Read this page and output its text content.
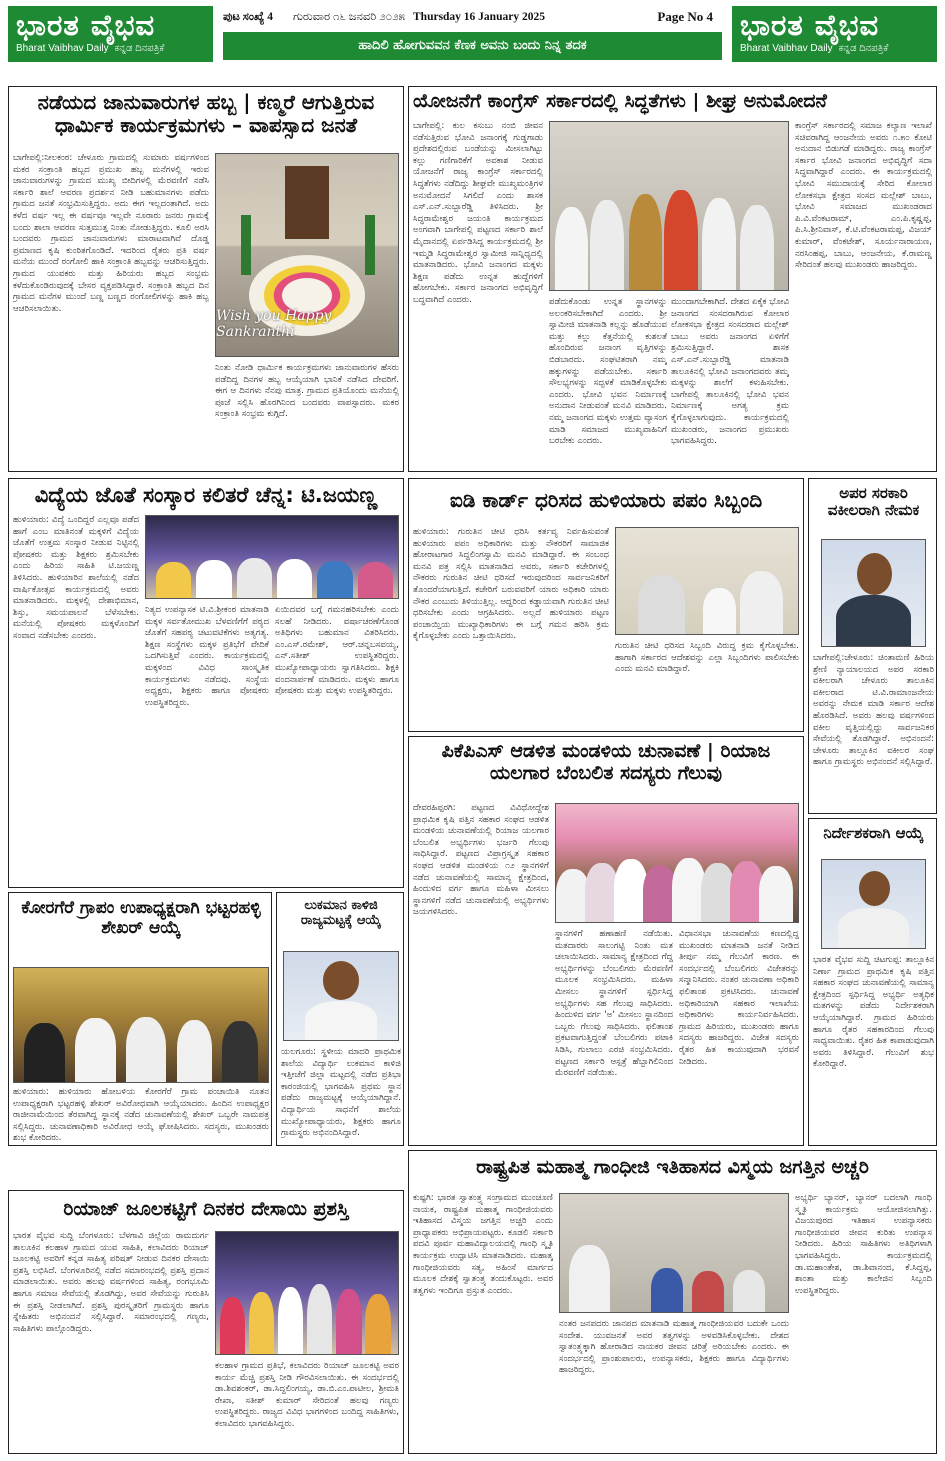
ಭಾರತ ವೈಭವ
Bharat Vaibhav Daily ಕನ್ನಡ ದಿನಪತ್ರಿಕೆ
ಪುಟ ಸಂಖ್ಯೆ 4	ಗುರುವಾರ ೧೬ ಜನವರಿ ೨೦೨೫ Thursday 16 January 2025	Page No 4
ಹಾದಿಲಿ ಹೋಗುವವನ ಕೆಣಕ ಅವನು ಬಂದು ನಿನ್ನ ತದಕ
ಭಾರತ ವೈಭವ
Bharat Vaibhav Daily ಕನ್ನಡ ದಿನಪತ್ರಿಕೆ
ನಡೆಯದ ಜಾನುವಾರುಗಳ ಹಬ್ಬ | ಕಣ್ಮರೆ ಆಗುತ್ತಿರುವ ಧಾರ್ಮಿಕ ಕಾರ್ಯಕ್ರಮಗಳು – ವಾಪಸ್ಸಾದ ಜನತೆ
ಬಾಗೇಪಲ್ಲಿ:ನೀಲಕಂಠ: ಚೇಳೂರು ಗ್ರಾಮದಲ್ಲಿ ಸುಮಾರು ವರ್ಷಗಳಿಂದ ಮಕರ ಸಂಕ್ರಾಂತಿ ಹಬ್ಬದ ಪ್ರಮುಖ ಹಬ್ಬ ಮನೆಗಳಲ್ಲಿ ಇರುವ ಜಾನುವಾರುಗಳನ್ನು ಗ್ರಾಮದ ಮುಖ್ಯ ಬೀದಿಗಳಲ್ಲಿ ಮೆರವಣಿಗೆ ನಡೆಸಿ ಸರ್ಕಾರಿ ಶಾಲೆ ಆವರಣ ಪ್ರದರ್ಶನ ನೀಡಿ ಬಹುಮಾನಗಳು ಪಡೆದು ಗ್ರಾಮದ ಜನತೆ ಸಂಭ್ರಮಿಸುತ್ತಿದ್ದರು. ಅದು ಈಗ ಇಲ್ಲದಂತಾಗಿದೆ. ಅದು ಕಳೆದ ವರ್ಷ ಇಲ್ಲ ಈ ವರ್ಷವೂ ಇಲ್ಲವೇ ನೂರಾರು ಜನರು ಗ್ರಾಮಕ್ಕೆ ಬಂದು ಶಾಲಾ ಆವರಣ ಸುತ್ತಮುತ್ತ ನಿಂತು ನೋಡುತ್ತಿದ್ದರು. ಕೂಲಿ ಅರಸಿ ಬಂದವರು ಗ್ರಾಮದ ಜಾನುವಾರುಗಳು ಮಾರಾಟವಾಗಿವೆ ದೊಡ್ಡ ಪ್ರಮಾಣದ ಕೃಷಿ ಕುಂಠಿತಗೊಂಡಿದೆ. ಇದರಿಂದ ರೈತರು ಪ್ರತಿ ವರ್ಷ ಮನೆಯ ಮುಂದೆ ರಂಗೋಲಿ ಹಾಕಿ ಸಂಕ್ರಾಂತಿ ಹಬ್ಬವನ್ನು ಆಚರಿಸುತ್ತಿದ್ದರು. ಗ್ರಾಮದ ಯುವಕರು ಮತ್ತು ಹಿರಿಯರು ಹಬ್ಬದ ಸಂಭ್ರಮ ಕಳೆದುಕೊಂಡಿರುವುದಕ್ಕೆ ಬೇಸರ ವ್ಯಕ್ತಪಡಿಸಿದ್ದಾರೆ. ಸಂಕ್ರಾಂತಿ ಹಬ್ಬದ ದಿನ ಗ್ರಾಮದ ಮನೆಗಳ ಮುಂದೆ ಬಣ್ಣ ಬಣ್ಣದ ರಂಗೋಲಿಗಳನ್ನು ಹಾಕಿ ಹಬ್ಬ ಆಚರಿಸಲಾಯಿತು.	Wish you Happy Sankranthi
ನಿಂತು ನೋಡಿ ಧಾರ್ಮಿಕ ಕಾರ್ಯಕ್ರಮಗಳು ಜಾನುವಾರುಗಳ ಹೆಸರು ಪಡೆದಿದ್ದ ದಿನಗಳ ಹಬ್ಬ ಆಯ್ಕೆಯಾಗಿ ಭಾನಿಕೆ ನಡೆಸಿದ ದೇವರಿಗೆ. ಈಗ ಆ ದಿನಗಳು ನೆನಪು ಮಾತ್ರ. ಗ್ರಾಮದ ಪ್ರತಿಯೊಂದು ಮನೆಯಲ್ಲಿ ಪೂಜೆ ಸಲ್ಲಿಸಿ ಹೊರಗಿನಿಂದ ಬಂದವರು ವಾಪಸ್ಸಾದರು. ಮಕರ ಸಂಕ್ರಾಂತಿ ಸಂಭ್ರಮ ಕುಗ್ಗಿದೆ.
ಯೋಜನೆಗೆ ಕಾಂಗ್ರೆಸ್ ಸರ್ಕಾರದಲ್ಲಿ ಸಿದ್ಧತೆಗಳು | ಶೀಘ್ರ ಅನುಮೋದನೆ
ಬಾಗೇಪಲ್ಲಿ: ಕುಲ ಕಸುಬು ನಂಬಿ ಜೀವನ ನಡೆಸುತ್ತಿರುವ ಭೋವಿ ಜನಾಂಗಕ್ಕೆ ಗುಡ್ಡಗಾಡು ಪ್ರದೇಶದಲ್ಲಿರುವ ಬಂಡೆಯನ್ನು ಮೀಸಲಾಗಿಟ್ಟು ಕಲ್ಲು ಗಣಿಗಾರಿಕೆಗೆ ಅವಕಾಶ ನೀಡುವ ಯೋಜನೆಗೆ ರಾಜ್ಯ ಕಾಂಗ್ರೆಸ್ ಸರ್ಕಾರದಲ್ಲಿ ಸಿದ್ಧತೆಗಳು ನಡೆದಿದ್ದು ಶೀಘ್ರವೇ ಮುಖ್ಯಮಂತ್ರಿಗಳ ಅನುಮೋದನೆ ಸಿಗಲಿದೆ ಎಂದು ಶಾಸಕ ಎಸ್.ಎನ್.ಸುಬ್ಬಾರೆಡ್ಡಿ ತಿಳಿಸಿದರು. ಶ್ರೀ ಸಿದ್ಧರಾಮೇಶ್ವರ ಜಯಂತಿ ಕಾರ್ಯಕ್ರಮದ ಅಂಗವಾಗಿ ಬಾಗೇಪಲ್ಲಿ ಪಟ್ಟಣದ ಸರ್ಕಾರಿ ಶಾಲೆ ಮೈದಾನದಲ್ಲಿ ಏರ್ಪಡಿಸಿದ್ದ ಕಾರ್ಯಕ್ರಮದಲ್ಲಿ ಶ್ರೀ ಇಮ್ಮಡಿ ಸಿದ್ಧರಾಮೇಶ್ವರ ಸ್ವಾಮೀಜಿ ಸಾನ್ನಿಧ್ಯದಲ್ಲಿ ಮಾತನಾಡಿದರು. ಭೋವಿ ಜನಾಂಗದ ಮಕ್ಕಳು ಶಿಕ್ಷಣ ಪಡೆದು ಉನ್ನತ ಹುದ್ದೆಗಳಿಗೆ ಹೋಗಬೇಕು. ಸರ್ಕಾರ ಜನಾಂಗದ ಅಭಿವೃದ್ಧಿಗೆ ಬದ್ಧವಾಗಿದೆ ಎಂದರು.	ಪಡೆದುಕೊಂಡು ಉನ್ನತ ಸ್ಥಾನಗಳನ್ನು ಅಲಂಕರಿಸಬೇಕಾಗಿದೆ ಎಂದರು. ಶ್ರೀ ಸ್ವಾಮೀಜಿ ಮಾತನಾಡಿ ಕಲ್ಲನ್ನು ಹೊಡೆಯುವ ಮತ್ತು ಕಲ್ಲು ಕೆತ್ತನೆಯಲ್ಲಿ ಕುಶಲತೆ ಹೊಂದಿರುವ ಜನಾಂಗ ವೃತ್ತಿಗಳನ್ನು ಬಿಡಬಾರದು. ಸಂಘಟಿತರಾಗಿ ನಮ್ಮ ಹಕ್ಕುಗಳನ್ನು ಪಡೆಯಬೇಕು. ಸರ್ಕಾರಿ ಸೌಲಭ್ಯಗಳನ್ನು ಸದ್ಬಳಕೆ ಮಾಡಿಕೊಳ್ಳಬೇಕು ಎಂದರು. ಭೋವಿ ಭವನ ನಿರ್ಮಾಣಕ್ಕೆ ಅನುದಾನ ನೀಡುವಂತೆ ಮನವಿ ಮಾಡಿದರು. ನಮ್ಮ ಜನಾಂಗದ ಮಕ್ಕಳು ಉತ್ತಮ ವ್ಯಾಸಂಗ ಮಾಡಿ ಸಮಾಜದ ಮುಖ್ಯವಾಹಿನಿಗೆ ಬರಬೇಕು ಎಂದರು.
ಮುಂದಾಗಬೇಕಾಗಿದೆ. ದೇಶದ ಏಕೈಕ ಭೋವಿ ಜನಾಂಗದ ಸಂಸದರಾಗಿರುವ ಕೋಲಾರ ಲೋಕಸಭಾ ಕ್ಷೇತ್ರದ ಸಂಸದರಾದ ಮಲ್ಲೇಶ್ ಬಾಬು ಅವರು ಜನಾಂಗದ ಏಳಿಗೆಗೆ ಶ್ರಮಿಸುತ್ತಿದ್ದಾರೆ. ಶಾಸಕ ಎಸ್.ಎನ್.ಸುಬ್ಬಾರೆಡ್ಡಿ ಮಾತನಾಡಿ ತಾಲೂಕಿನಲ್ಲಿ ಭೋವಿ ಜನಾಂಗದವರು ತಮ್ಮ ಮಕ್ಕಳನ್ನು ಶಾಲೆಗೆ ಕಳುಹಿಸಬೇಕು. ಬಾಗೇಪಲ್ಲಿ ತಾಲೂಕಿನಲ್ಲಿ ಭೋವಿ ಭವನ ನಿರ್ಮಾಣಕ್ಕೆ ಅಗತ್ಯ ಕ್ರಮ ಕೈಗೊಳ್ಳಲಾಗುವುದು. ಕಾರ್ಯಕ್ರಮದಲ್ಲಿ ಮುಖಂಡರು, ಜನಾಂಗದ ಪ್ರಮುಖರು ಭಾಗವಹಿಸಿದ್ದರು.
ಕಾಂಗ್ರೆಸ್ ಸರ್ಕಾರದಲ್ಲಿ ಸಮಾಜ ಕಲ್ಯಾಣ ಇಲಾಖೆ ಸಚಿವರಾಗಿದ್ದ ಆಂಜನೇಯ ಅವರು ೧.೫೦ ಕೋಟಿ ಅನುದಾನ ಬಿಡುಗಡೆ ಮಾಡಿದ್ದರು. ರಾಜ್ಯ ಕಾಂಗ್ರೆಸ್ ಸರ್ಕಾರ ಭೋವಿ ಜನಾಂಗದ ಅಭಿವೃದ್ಧಿಗೆ ಸದಾ ಸಿದ್ಧವಾಗಿದ್ದಾರೆ ಎಂದರು. ಈ ಕಾರ್ಯಕ್ರಮದಲ್ಲಿ ಭೋವಿ ಸಮುದಾಯಕ್ಕೆ ಸೇರಿದ ಕೋಲಾರ ಲೋಕಸಭಾ ಕ್ಷೇತ್ರದ ಸಂಸದ ಮಲ್ಲೇಶ್ ಬಾಬು, ಭೋವಿ ಸಮಾಜದ ಮುಖಂಡರಾದ ಪಿ.ವಿ.ವೆಂಕಟರಾಮ್, ಎಂ.ಪಿ.ಕೃಷ್ಣಪ್ಪ, ಪಿ.ಸಿ.ಶ್ರೀನಿವಾಸ್, ಕೆ.ಟಿ.ವೆಂಕಟರಾಮಪ್ಪ, ವಿಜಯ್ ಕುಮಾರ್, ವೆಂಕಟೇಶ್, ಸೂರ್ಯನಾರಾಯಣ, ನರಸಿಂಹಪ್ಪ, ಬಾಬು, ಆಂಜನೇಯ, ಕೆ.ರಾಮಣ್ಣ ಸೇರಿದಂತೆ ಹಲವು ಮುಖಂಡರು ಹಾಜರಿದ್ದರು.
ವಿದ್ಯೆಯ ಜೊತೆ ಸಂಸ್ಕಾರ ಕಲಿತರೆ ಚೆನ್ನ: ಟಿ.ಜಯಣ್ಣ
ಹುಳಿಯಾರು: ವಿದ್ಯೆ ಒಂದಿದ್ದರೆ ಎಲ್ಲವೂ ಪಡೆದ ಹಾಗೆ ಎಂಬ ಮಾತಿನಂತೆ ಮಕ್ಕಳಿಗೆ ವಿದ್ಯೆಯ ಜೊತೆಗೆ ಉತ್ತಮ ಸಂಸ್ಕಾರ ನೀಡುವ ನಿಟ್ಟಿನಲ್ಲಿ ಪೋಷಕರು ಮತ್ತು ಶಿಕ್ಷಕರು ಶ್ರಮಿಸಬೇಕು ಎಂದು ಹಿರಿಯ ಸಾಹಿತಿ ಟಿ.ಜಯಣ್ಣ ತಿಳಿಸಿದರು. ಹುಳಿಯಾರಿನ ಶಾಲೆಯಲ್ಲಿ ನಡೆದ ವಾರ್ಷಿಕೋತ್ಸವ ಕಾರ್ಯಕ್ರಮದಲ್ಲಿ ಅವರು ಮಾತನಾಡಿದರು. ಮಕ್ಕಳಲ್ಲಿ ದೇಶಾಭಿಮಾನ, ಶಿಸ್ತು, ಸಮಯಪಾಲನೆ ಬೆಳೆಸಬೇಕು. ಮನೆಯಲ್ಲಿ ಪೋಷಕರು ಮಕ್ಕಳೊಂದಿಗೆ ಸಂವಾದ ನಡೆಸಬೇಕು ಎಂದರು.
ನಿತ್ಯದ ಉಪನ್ಯಾಸಕ ಟಿ.ವಿ.ಶ್ರೀಕಂಠ ಮಾತನಾಡಿ ಮಕ್ಕಳ ಸರ್ವತೋಮುಖ ಬೆಳವಣಿಗೆಗೆ ಪಠ್ಯದ ಜೊತೆಗೆ ಸಹಪಠ್ಯ ಚಟುವಟಿಕೆಗಳು ಅತ್ಯಗತ್ಯ. ಶಿಕ್ಷಣ ಸಂಸ್ಥೆಗಳು ಮಕ್ಕಳ ಪ್ರತಿಭೆಗೆ ವೇದಿಕೆ ಒದಗಿಸುತ್ತಿವೆ ಎಂದರು. ಕಾರ್ಯಕ್ರಮದಲ್ಲಿ ಮಕ್ಕಳಿಂದ ವಿವಿಧ ಸಾಂಸ್ಕೃತಿಕ ಕಾರ್ಯಕ್ರಮಗಳು ನಡೆದವು. ಸಂಸ್ಥೆಯ ಅಧ್ಯಕ್ಷರು, ಶಿಕ್ಷಕರು ಹಾಗೂ ಪೋಷಕರು ಉಪಸ್ಥಿತರಿದ್ದರು.
ಏಯಿದವರ ಬಗ್ಗೆ ಗಮನಹರಿಸಬೇಕು ಎಂದು ಸಲಹೆ ನೀಡಿದರು. ವರ್ಷಾಚರಣೆಗೊಂಡ ಅತಿಥಿಗಳು ಬಹುಮಾನ ವಿತರಿಸಿದರು. ಎಂ.ಎಸ್.ರಮೇಶ್, ಆರ್.ಚನ್ನಬಸವಯ್ಯ, ಎನ್.ಸತೀಶ್ ಉಪಸ್ಥಿತರಿದ್ದರು. ಮುಖ್ಯೋಪಾಧ್ಯಾಯರು ಸ್ವಾಗತಿಸಿದರು. ಶಿಕ್ಷಕಿ ವಂದನಾರ್ಪಣೆ ಮಾಡಿದರು. ಮಕ್ಕಳು ಹಾಗೂ ಪೋಷಕರು ಮತ್ತು ಮಕ್ಕಳು ಉಪಸ್ಥಿತರಿದ್ದರು.
ಐಡಿ ಕಾರ್ಡ್ ಧರಿಸದ ಹುಳಿಯಾರು ಪಪಂ ಸಿಬ್ಬಂದಿ
ಹುಳಿಯಾರು: ಗುರುತಿನ ಚೀಟಿ ಧರಿಸಿ ಕರ್ತವ್ಯ ನಿರ್ವಹಿಸುವಂತೆ ಹುಳಿಯಾರು ಪಪಂ ಅಧಿಕಾರಿಗಳು ಮತ್ತು ನೌಕರರಿಗೆ ಸಾಮಾಜಿಕ ಹೋರಾಟಗಾರ ಸಿದ್ದಲಿಂಗಸ್ವಾಮಿ ಮನವಿ ಮಾಡಿದ್ದಾರೆ. ಈ ಸಂಬಂಧ ಮನವಿ ಪತ್ರ ಸಲ್ಲಿಸಿ ಮಾತನಾಡಿದ ಅವರು, ಸರ್ಕಾರಿ ಕಚೇರಿಗಳಲ್ಲಿ ನೌಕರರು ಗುರುತಿನ ಚೀಟಿ ಧರಿಸದೆ ಇರುವುದರಿಂದ ಸಾರ್ವಜನಿಕರಿಗೆ ತೊಂದರೆಯಾಗುತ್ತಿದೆ. ಕಚೇರಿಗೆ ಬರುವವರಿಗೆ ಯಾರು ಅಧಿಕಾರಿ ಯಾರು ನೌಕರ ಎಂಬುದು ತಿಳಿಯುತ್ತಿಲ್ಲ. ಆದ್ದರಿಂದ ಕಡ್ಡಾಯವಾಗಿ ಗುರುತಿನ ಚೀಟಿ ಧರಿಸಬೇಕು ಎಂದು ಆಗ್ರಹಿಸಿದರು. ಅಲ್ಲದೆ ಹುಳಿಯಾರು ಪಟ್ಟಣ ಪಂಚಾಯ್ತಿಯ ಮುಖ್ಯಾಧಿಕಾರಿಗಳು ಈ ಬಗ್ಗೆ ಗಮನ ಹರಿಸಿ ಕ್ರಮ ಕೈಗೊಳ್ಳಬೇಕು ಎಂದು ಒತ್ತಾಯಿಸಿದರು.
ಗುರುತಿನ ಚೀಟಿ ಧರಿಸದ ಸಿಬ್ಬಂದಿ ವಿರುದ್ಧ ಕ್ರಮ ಕೈಗೊಳ್ಳಬೇಕು. ಹಾಗಾಗಿ ಸರ್ಕಾರದ ಆದೇಶವನ್ನು ಎಲ್ಲಾ ಸಿಬ್ಬಂದಿಗಳು ಪಾಲಿಸಬೇಕು ಎಂದು ಮನವಿ ಮಾಡಿದ್ದಾರೆ.
ಅಪರ ಸರಕಾರಿ ವಕೀಲರಾಗಿ ನೇಮಕ
ಬಾಗೇಪಲ್ಲಿ:ಚೇಳೂರು: ಚಿಂತಾಮಣಿ ಹಿರಿಯ ಶ್ರೇಣಿ ನ್ಯಾಯಾಲಯದ ಅಪರ ಸರಕಾರಿ ವಕೀಲರಾಗಿ ಚೇಳೂರು ತಾಲೂಕಿನ ವಕೀಲರಾದ ಟಿ.ವಿ.ರಾಮಾಂಜನೇಯ ಅವರನ್ನು ನೇಮಕ ಮಾಡಿ ಸರ್ಕಾರ ಆದೇಶ ಹೊರಡಿಸಿದೆ. ಅವರು ಹಲವು ವರ್ಷಗಳಿಂದ ವಕೀಲ ವೃತ್ತಿಯಲ್ಲಿದ್ದು ಸಾರ್ವಜನಿಕರ ಸೇವೆಯಲ್ಲಿ ತೊಡಗಿದ್ದಾರೆ. ಅಭಿನಂದನೆ: ಚೇಳೂರು ತಾಲ್ಲೂಕಿನ ವಕೀಲರ ಸಂಘ ಹಾಗೂ ಗ್ರಾಮಸ್ಥರು ಅಭಿನಂದನೆ ಸಲ್ಲಿಸಿದ್ದಾರೆ.
ಪಿಕೆಪಿಎಸ್ ಆಡಳಿತ ಮಂಡಳಿಯ ಚುನಾವಣೆ | ರಿಯಾಜ ಯಲಗಾರ ಬೆಂಬಲಿತ ಸದಸ್ಯರು ಗೆಲುವು
ದೇವರಹಿಪ್ಪರಗಿ: ಪಟ್ಟಣದ ವಿವಿಧೋದ್ದೇಶ ಪ್ರಾಥಮಿಕ ಕೃಷಿ ಪತ್ತಿನ ಸಹಕಾರ ಸಂಘದ ಆಡಳಿತ ಮಂಡಳಿಯ ಚುನಾವಣೆಯಲ್ಲಿ ರಿಯಾಜ ಯಲಗಾರ ಬೆಂಬಲಿತ ಅಭ್ಯರ್ಥಿಗಳು ಭರ್ಜರಿ ಗೆಲುವು ಸಾಧಿಸಿದ್ದಾರೆ. ಪಟ್ಟಣದ ವಿಪ್ರಾಗ್ರಸ್ಕೃತ ಸಹಕಾರ ಸಂಘದ ಆಡಳಿತ ಮಂಡಳಿಯ ೧೨ ಸ್ಥಾನಗಳಿಗೆ ನಡೆದ ಚುನಾವಣೆಯಲ್ಲಿ ಸಾಮಾನ್ಯ ಕ್ಷೇತ್ರದಿಂದ, ಹಿಂದುಳಿದ ವರ್ಗ ಹಾಗೂ ಮಹಿಳಾ ಮೀಸಲು ಸ್ಥಾನಗಳಿಗೆ ನಡೆದ ಚುನಾವಣೆಯಲ್ಲಿ ಅಭ್ಯರ್ಥಿಗಳು ಜಯಗಳಿಸಿದರು.
ಸ್ಥಾನಗಳಿಗೆ ಹಣಾಹಣಿ ನಡೆಯಿತು. ಮತದಾರರು ಸಾಲುಗಟ್ಟಿ ನಿಂತು ಮತ ಚಲಾಯಿಸಿದರು. ಸಾಮಾನ್ಯ ಕ್ಷೇತ್ರದಿಂದ ಗೆದ್ದ ಅಭ್ಯರ್ಥಿಗಳನ್ನು ಬೆಂಬಲಿಗರು ಮೆರವಣಿಗೆ ಮೂಲಕ ಸಂಭ್ರಮಿಸಿದರು. ಮಹಿಳಾ ಮೀಸಲು ಸ್ಥಾನಗಳಿಗೆ ಸ್ಪರ್ಧಿಸಿದ್ದ ಅಭ್ಯರ್ಥಿಗಳು ಸಹ ಗೆಲುವು ಸಾಧಿಸಿದರು. ಹಿಂದುಳಿದ ವರ್ಗ 'ಅ' ಮೀಸಲು ಸ್ಥಾನದಿಂದ ಒಬ್ಬರು ಗೆಲುವು ಸಾಧಿಸಿದರು. ಫಲಿತಾಂಶ ಪ್ರಕಟವಾಗುತ್ತಿದ್ದಂತೆ ಬೆಂಬಲಿಗರು ಪಟಾಕಿ ಸಿಡಿಸಿ, ಗುಲಾಲು ಎರಚಿ ಸಂಭ್ರಮಿಸಿದರು. ಪಟ್ಟಣದ ಸರ್ಕಾರಿ ಆಸ್ಪತ್ರೆ ಹೆಬ್ಬಾಗಿಲಿನಿಂದ ಮೆರವಣಿಗೆ ನಡೆಯಿತು.
ವಿಧಾನಸಭಾ ಚುನಾವಣೆಯ ಕಣದಲ್ಲಿದ್ದ ಮುಖಂಡರು ಮಾತನಾಡಿ ಜನತೆ ನೀಡಿದ ತೀರ್ಪು ನಮ್ಮ ಗೆಲುವಿಗೆ ಕಾರಣ. ಈ ಸಂದರ್ಭದಲ್ಲಿ ಬೆಂಬಲಿಗರು ವಿಜೇತರನ್ನು ಸನ್ಮಾನಿಸಿದರು. ನಂತರ ಚುನಾವಣಾ ಅಧಿಕಾರಿ ಫಲಿತಾಂಶ ಪ್ರಕಟಿಸಿದರು. ಚುನಾವಣೆ ಅಧಿಕಾರಿಯಾಗಿ ಸಹಕಾರ ಇಲಾಖೆಯ ಅಧಿಕಾರಿಗಳು ಕಾರ್ಯನಿರ್ವಹಿಸಿದರು. ಗ್ರಾಮದ ಹಿರಿಯರು, ಮುಖಂಡರು ಹಾಗೂ ಸದಸ್ಯರು ಹಾಜರಿದ್ದರು. ವಿಜೇತ ಸದಸ್ಯರು ರೈತರ ಹಿತ ಕಾಯುವುದಾಗಿ ಭರವಸೆ ನೀಡಿದರು.
ನಿರ್ದೇಶಕರಾಗಿ ಆಯ್ಕೆ
ಭಾರತ ವೈಭವ ಸುದ್ದಿ ಚಿಟಗುಪ್ಪ: ತಾಲ್ಲೂಕಿನ ನಿರ್ಣಾ ಗ್ರಾಮದ ಪ್ರಾಥಮಿಕ ಕೃಷಿ ಪತ್ತಿನ ಸಹಕಾರ ಸಂಘದ ಚುನಾವಣೆಯಲ್ಲಿ ಸಾಮಾನ್ಯ ಕ್ಷೇತ್ರದಿಂದ ಸ್ಪರ್ಧಿಸಿದ್ದ ಅಭ್ಯರ್ಥಿ ಅತ್ಯಧಿಕ ಮತಗಳನ್ನು ಪಡೆದು ನಿರ್ದೇಶಕರಾಗಿ ಆಯ್ಕೆಯಾಗಿದ್ದಾರೆ. ಗ್ರಾಮದ ಹಿರಿಯರು ಹಾಗೂ ರೈತರ ಸಹಕಾರದಿಂದ ಗೆಲುವು ಸಾಧ್ಯವಾಯಿತು. ರೈತರ ಹಿತ ಕಾಪಾಡುವುದಾಗಿ ಅವರು ತಿಳಿಸಿದ್ದಾರೆ. ಗೆಲುವಿಗೆ ಶುಭ ಕೋರಿದ್ದಾರೆ.
ಕೋರಗೆರೆ ಗ್ರಾಪಂ ಉಪಾಧ್ಯಕ್ಷರಾಗಿ ಭಟ್ಟರಹಳ್ಳಿ ಶೇಖರ್ ಆಯ್ಕೆ
ಹುಳಿಯಾರು: ಹುಳಿಯಾರು ಹೋಬಳಿಯ ಕೋರಗೆರೆ ಗ್ರಾಮ ಪಂಚಾಯಿತಿ ನೂತನ ಉಪಾಧ್ಯಕ್ಷರಾಗಿ ಭಟ್ಟರಹಳ್ಳಿ ಶೇಖರ್ ಅವಿರೋಧವಾಗಿ ಆಯ್ಕೆಯಾದರು. ಹಿಂದಿನ ಉಪಾಧ್ಯಕ್ಷರ ರಾಜೀನಾಮೆಯಿಂದ ತೆರವಾಗಿದ್ದ ಸ್ಥಾನಕ್ಕೆ ನಡೆದ ಚುನಾವಣೆಯಲ್ಲಿ ಶೇಖರ್ ಒಬ್ಬರೇ ನಾಮಪತ್ರ ಸಲ್ಲಿಸಿದ್ದರು. ಚುನಾವಣಾಧಿಕಾರಿ ಅವಿರೋಧ ಆಯ್ಕೆ ಘೋಷಿಸಿದರು. ಸದಸ್ಯರು, ಮುಖಂಡರು ಶುಭ ಕೋರಿದರು.
ಲುಕಮಾನ ಕಾಳಿಜಿ ರಾಜ್ಯಮಟ್ಟಕ್ಕೆ ಆಯ್ಕೆ
ಯಲಗೂರು: ಸ್ಥಳೀಯ ಮಾದರಿ ಪ್ರಾಥಮಿಕ ಶಾಲೆಯ ವಿದ್ಯಾರ್ಥಿ ಲುಕಮಾನ ಕಾಳಿಜಿ ಇತ್ತೀಚೆಗೆ ಜಿಲ್ಲಾ ಮಟ್ಟದಲ್ಲಿ ನಡೆದ ಪ್ರತಿಭಾ ಕಾರಂಜಿಯಲ್ಲಿ ಭಾಗವಹಿಸಿ ಪ್ರಥಮ ಸ್ಥಾನ ಪಡೆದು ರಾಜ್ಯಮಟ್ಟಕ್ಕೆ ಆಯ್ಕೆಯಾಗಿದ್ದಾನೆ. ವಿದ್ಯಾರ್ಥಿಯ ಸಾಧನೆಗೆ ಶಾಲೆಯ ಮುಖ್ಯೋಪಾಧ್ಯಾಯರು, ಶಿಕ್ಷಕರು ಹಾಗೂ ಗ್ರಾಮಸ್ಥರು ಅಭಿನಂದಿಸಿದ್ದಾರೆ.
ರಿಯಾಜ್ ಜೂಲಕಟ್ಟಿಗೆ ದಿನಕರ ದೇಸಾಯಿ ಪ್ರಶಸ್ತಿ
ಭಾರತ ವೈಭವ ಸುದ್ದಿ ಬೆಂಗಳೂರು: ಬೆಳಗಾವಿ ಜಿಲ್ಲೆಯ ರಾಮದುರ್ಗ ತಾಲೂಕಿನ ಕಲಹಾಳ ಗ್ರಾಮದ ಯುವ ಸಾಹಿತಿ, ಕಲಾವಿದರು ರಿಯಾಜ್ ಜೂಲಕಟ್ಟಿ ಅವರಿಗೆ ಕನ್ನಡ ಸಾಹಿತ್ಯ ಪರಿಷತ್ ನೀಡುವ ದಿನಕರ ದೇಸಾಯಿ ಪ್ರಶಸ್ತಿ ಲಭಿಸಿದೆ. ಬೆಂಗಳೂರಿನಲ್ಲಿ ನಡೆದ ಸಮಾರಂಭದಲ್ಲಿ ಪ್ರಶಸ್ತಿ ಪ್ರದಾನ ಮಾಡಲಾಯಿತು. ಅವರು ಹಲವು ವರ್ಷಗಳಿಂದ ಸಾಹಿತ್ಯ, ರಂಗಭೂಮಿ ಹಾಗೂ ಸಮಾಜ ಸೇವೆಯಲ್ಲಿ ತೊಡಗಿದ್ದು, ಅವರ ಸೇವೆಯನ್ನು ಗುರುತಿಸಿ ಈ ಪ್ರಶಸ್ತಿ ನೀಡಲಾಗಿದೆ. ಪ್ರಶಸ್ತಿ ಪುರಸ್ಕೃತರಿಗೆ ಗ್ರಾಮಸ್ಥರು ಹಾಗೂ ಸ್ನೇಹಿತರು ಅಭಿನಂದನೆ ಸಲ್ಲಿಸಿದ್ದಾರೆ. ಸಮಾರಂಭದಲ್ಲಿ ಗಣ್ಯರು, ಸಾಹಿತಿಗಳು ಪಾಲ್ಗೊಂಡಿದ್ದರು.
ಕಲಹಾಳ ಗ್ರಾಮದ ಪ್ರತಿಭೆ, ಕಲಾವಿದರು ರಿಯಾಜ್ ಜೂಲಕಟ್ಟಿ ಅವರ ಕಾರ್ಯ ಮೆಚ್ಚಿ ಪ್ರಶಸ್ತಿ ನೀಡಿ ಗೌರವಿಸಲಾಯಿತು. ಈ ಸಂದರ್ಭದಲ್ಲಿ ಡಾ.ಶಿವಶಂಕರ್, ಡಾ.ಸಿದ್ದಲಿಂಗಯ್ಯ, ಡಾ.ಬಿ.ಎಂ.ಪಾಟೀಲ, ಶ್ರೀಮತಿ ರೇಖಾ, ಸತೀಶ್ ಕುಮಾರ್ ಸೇರಿದಂತೆ ಹಲವು ಗಣ್ಯರು ಉಪಸ್ಥಿತರಿದ್ದರು. ರಾಜ್ಯದ ವಿವಿಧ ಭಾಗಗಳಿಂದ ಬಂದಿದ್ದ ಸಾಹಿತಿಗಳು, ಕಲಾವಿದರು ಭಾಗವಹಿಸಿದ್ದರು.
ರಾಷ್ಟ್ರಪಿತ ಮಹಾತ್ಮ ಗಾಂಧೀಜಿ ಇತಿಹಾಸದ ವಿಸ್ಮಯ ಜಗತ್ತಿನ ಅಚ್ಚರಿ
ಕುಷ್ಟಗಿ: ಭಾರತ ಸ್ವಾತಂತ್ರ್ಯ ಸಂಗ್ರಾಮದ ಮುಂಚೂಣಿ ನಾಯಕ, ರಾಷ್ಟ್ರಪಿತ ಮಹಾತ್ಮ ಗಾಂಧೀಜಿಯವರು ಇತಿಹಾಸದ ವಿಸ್ಮಯ ಜಗತ್ತಿನ ಅಚ್ಚರಿ ಎಂದು ಪ್ರಾಧ್ಯಾಪಕರು ಅಭಿಪ್ರಾಯಪಟ್ಟರು. ಕೂಡಲಿ ಸರ್ಕಾರಿ ಪದವಿ ಪೂರ್ವ ಮಹಾವಿದ್ಯಾಲಯದಲ್ಲಿ ಗಾಂಧಿ ಸ್ಮೃತಿ ಕಾರ್ಯಕ್ರಮ ಉದ್ಘಾಟಿಸಿ ಮಾತನಾಡಿದರು. ಮಹಾತ್ಮ ಗಾಂಧೀಜಿಯವರು ಸತ್ಯ, ಅಹಿಂಸೆ ಮಾರ್ಗದ ಮೂಲಕ ದೇಶಕ್ಕೆ ಸ್ವಾತಂತ್ರ್ಯ ತಂದುಕೊಟ್ಟರು. ಅವರ ತತ್ವಗಳು ಇಂದಿಗೂ ಪ್ರಸ್ತುತ ಎಂದರು.
ನಂತರ ಜನಪದರು ಜಾನಪದ ಮಾತನಾಡಿ ಮಹಾತ್ಮ ಗಾಂಧೀಜಿಯವರ ಬದುಕೇ ಒಂದು ಸಂದೇಶ. ಯುವಜನತೆ ಅವರ ತತ್ವಗಳನ್ನು ಅಳವಡಿಸಿಕೊಳ್ಳಬೇಕು. ದೇಶದ ಸ್ವಾತಂತ್ರ್ಯಕ್ಕಾಗಿ ಹೋರಾಡಿದ ನಾಯಕರ ಜೀವನ ಚರಿತ್ರೆ ಅರಿಯಬೇಕು ಎಂದರು. ಈ ಸಂದರ್ಭದಲ್ಲಿ ಪ್ರಾಂಶುಪಾಲರು, ಉಪನ್ಯಾಸಕರು, ಶಿಕ್ಷಕರು ಹಾಗೂ ವಿದ್ಯಾರ್ಥಿಗಳು ಹಾಜರಿದ್ದರು.
ಅಭ್ಯರ್ಥಿ ಬ್ಯಾನರ್, ಬ್ಯಾನರ್ ಬದಲಾಗಿ ಗಾಂಧಿ ಸ್ಮೃತಿ ಕಾರ್ಯಕ್ರಮ ಆಯೋಜಿಸಲಾಗಿತ್ತು. ವಿಜಯಪುರದ ಇತಿಹಾಸ ಉಪನ್ಯಾಸಕರು ಗಾಂಧೀಜಿಯವರ ಜೀವನ ಕುರಿತು ಉಪನ್ಯಾಸ ನೀಡಿದರು. ಹಿರಿಯ ಸಾಹಿತಿಗಳು ಅತಿಥಿಗಳಾಗಿ ಭಾಗವಹಿಸಿದ್ದರು. ಕಾರ್ಯಕ್ರಮದಲ್ಲಿ ಡಾ.ಮಹಾಂತೇಶ, ಡಾ.ಶಿವಾನಂದ, ಕೆ.ಸಿದ್ದಪ್ಪ, ಶಾಂತಾ ಮತ್ತು ಕಾಲೇಜಿನ ಸಿಬ್ಬಂದಿ ಉಪಸ್ಥಿತರಿದ್ದರು.
